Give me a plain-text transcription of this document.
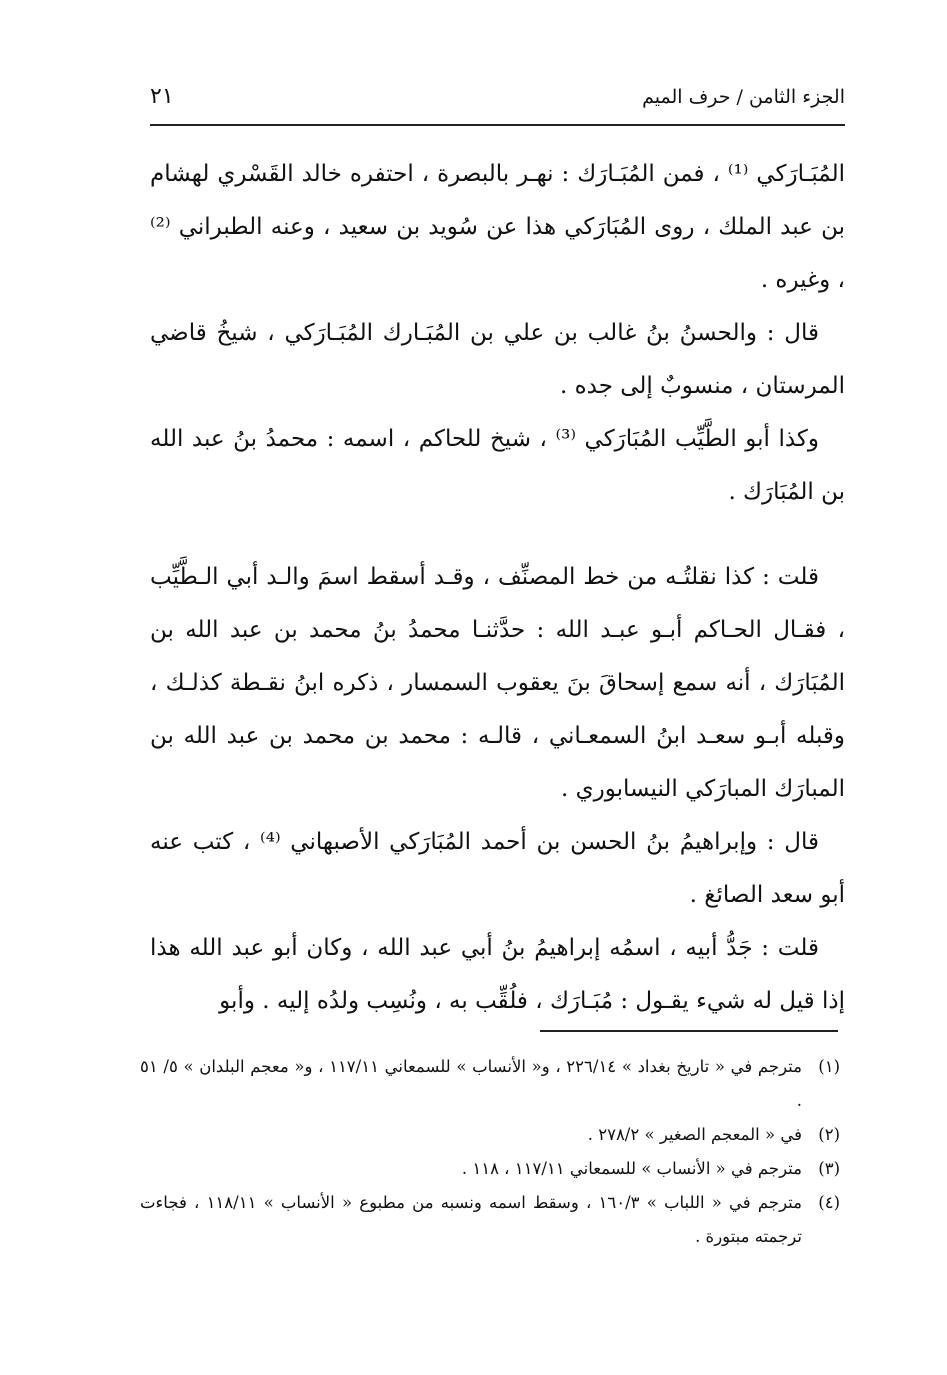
الجزء الثامن / حرف الميم
٢١

المُبَـارَكي ⁽¹⁾ ، فمن المُبَـارَك : نهـر بالبصرة ، احتفره خالد القَسْري لهشام بن عبد الملك ، روى المُبَارَكي هذا عن سُويد بن سعيد ، وعنه الطبراني ⁽²⁾ ، وغيره .

قال : والحسنُ بنُ غالب بن علي بن المُبَـارك المُبَـارَكي ، شيخُ قاضي المرستان ، منسوبٌ إلى جده .

وكذا أبو الطَّيِّب المُبَارَكي ⁽³⁾ ، شيخ للحاكم ، اسمه : محمدُ بنُ عبد الله بن المُبَارَك .

قلت : كذا نقلتُـه من خط المصنِّف ، وقـد أسقط اسمَ والـد أبي الـطَّيِّب ، فقـال الحـاكم أبـو عبـد الله : حدَّثنـا محمدُ بنُ محمد بن عبد الله بن المُبَارَك ، أنه سمع إسحاقَ بنَ يعقوب السمسار ، ذكره ابنُ نقـطة كذلـك ، وقبله أبـو سعـد ابنُ السمعـاني ، قالـه : محمد بن محمد بن عبد الله بن المبارَك المبارَكي النيسابوري .

قال : وإبراهيمُ بنُ الحسن بن أحمد المُبَارَكي الأصبهاني ⁽⁴⁾ ، كتب عنه أبو سعد الصائغ .

قلت : جَدُّ أبيه ، اسمُه إبراهيمُ بنُ أبي عبد الله ، وكان أبو عبد الله هذا إذا قيل له شيء يقـول : مُبَـارَك ، فلُقِّب به ، ونُسِب ولدُه إليه . وأبو

(١)

مترجم في « تاريخ بغداد » ٢٢٦/١٤ ، و« الأنساب » للسمعاني ١١٧/١١ ، و« معجم البلدان » ٥/ ٥١ .

(٢)

في « المعجم الصغير » ٢٧٨/٢ .

(٣)

مترجم في « الأنساب » للسمعاني ١١٧/١١ ، ١١٨ .

(٤)

مترجم في « اللباب » ١٦٠/٣ ، وسقط اسمه ونسبه من مطبوع « الأنساب » ١١٨/١١ ، فجاءت ترجمته مبتورة .
